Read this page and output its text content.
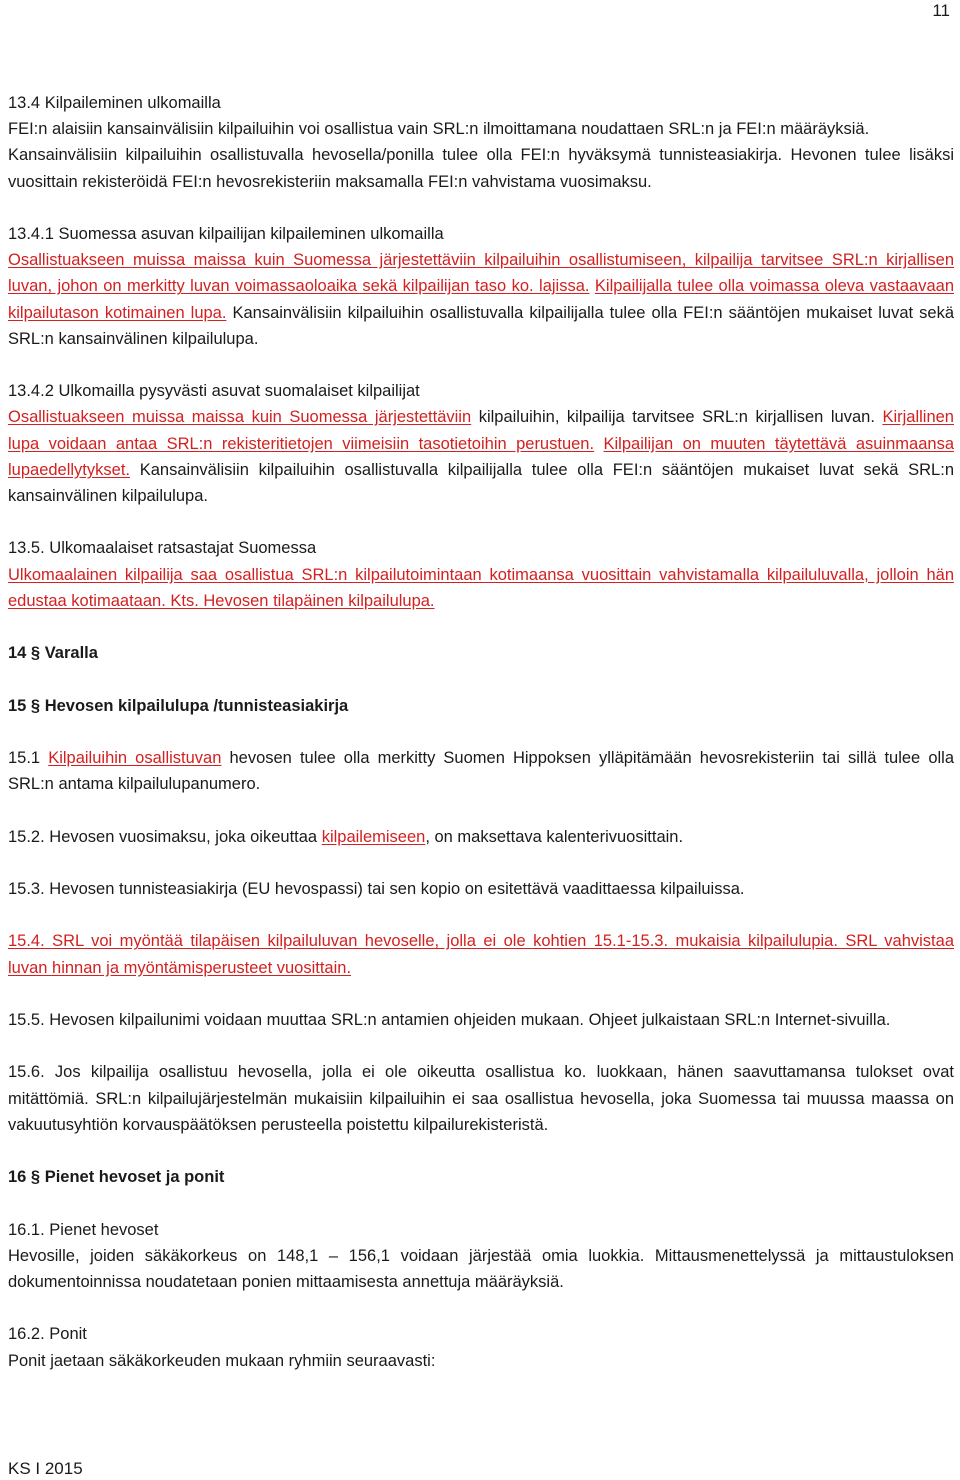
11

13.4 Kilpaileminen ulkomailla

FEI:n alaisiin kansainvälisiin kilpailuihin voi osallistua vain SRL:n ilmoittamana noudattaen SRL:n ja FEI:n määräyksiä.

Kansainvälisiin kilpailuihin osallistuvalla hevosella/ponilla tulee olla FEI:n hyväksymä tunnisteasiakirja. Hevonen tulee lisäksi vuosittain rekisteröidä FEI:n hevosrekisteriin maksamalla FEI:n vahvistama vuosimaksu.

13.4.1 Suomessa asuvan kilpailijan kilpaileminen ulkomailla

Osallistuakseen muissa maissa kuin Suomessa järjestettäviin kilpailuihin osallistumiseen, kilpailija tarvitsee SRL:n kirjallisen luvan, johon on merkitty luvan voimassaoloaika sekä kilpailijan taso ko. lajissa. Kilpailijalla tulee olla voimassa oleva vastaavaan kilpailutason kotimainen lupa. Kansainvälisiin kilpailuihin osallistuvalla kilpailijalla tulee olla FEI:n sääntöjen mukaiset luvat sekä SRL:n kansainvälinen kilpailulupa.

13.4.2 Ulkomailla pysyvästi asuvat suomalaiset kilpailijat

Osallistuakseen muissa maissa kuin Suomessa järjestettäviin kilpailuihin, kilpailija tarvitsee SRL:n kirjallisen luvan. Kirjallinen lupa voidaan antaa SRL:n rekisteritietojen viimeisiin tasotietoihin perustuen. Kilpailijan on muuten täytettävä asuinmaansa lupaedellytykset. Kansainvälisiin kilpailuihin osallistuvalla kilpailijalla tulee olla FEI:n sääntöjen mukaiset luvat sekä SRL:n kansainvälinen kilpailulupa.

13.5. Ulkomaalaiset ratsastajat Suomessa

Ulkomaalainen kilpailija saa osallistua SRL:n kilpailutoimintaan kotimaansa vuosittain vahvistamalla kilpailuluvalla, jolloin hän edustaa kotimaataan. Kts. Hevosen tilapäinen kilpailulupa.

14 § Varalla

15 § Hevosen kilpailulupa /tunnisteasiakirja

15.1 Kilpailuihin osallistuvan hevosen tulee olla merkitty Suomen Hippoksen ylläpitämään hevosrekisteriin tai sillä tulee olla SRL:n antama kilpailulupanumero.

15.2. Hevosen vuosimaksu, joka oikeuttaa kilpailemiseen, on maksettava kalenterivuosittain.

15.3. Hevosen tunnisteasiakirja (EU hevospassi) tai sen kopio on esitettävä vaadittaessa kilpailuissa.

15.4. SRL voi myöntää tilapäisen kilpailuluvan hevoselle, jolla ei ole kohtien 15.1-15.3. mukaisia kilpailulupia. SRL vahvistaa luvan hinnan ja myöntämisperusteet vuosittain.

15.5. Hevosen kilpailunimi voidaan muuttaa SRL:n antamien ohjeiden mukaan. Ohjeet julkaistaan SRL:n Internet-sivuilla.

15.6. Jos kilpailija osallistuu hevosella, jolla ei ole oikeutta osallistua ko. luokkaan, hänen saavuttamansa tulokset ovat mitättömiä. SRL:n kilpailujärjestelmän mukaisiin kilpailuihin ei saa osallistua hevosella, joka Suomessa tai muussa maassa on vakuutusyhtiön korvauspäätöksen perusteella poistettu kilpailurekisteristä.

16 § Pienet hevoset ja ponit

16.1. Pienet hevoset

Hevosille, joiden säkäkorkeus on 148,1 – 156,1 voidaan järjestää omia luokkia. Mittausmenettelyssä ja mittaustuloksen dokumentoinnissa noudatetaan ponien mittaamisesta annettuja määräyksiä.

16.2. Ponit

Ponit jaetaan säkäkorkeuden mukaan ryhmiin seuraavasti:

KS I 2015
